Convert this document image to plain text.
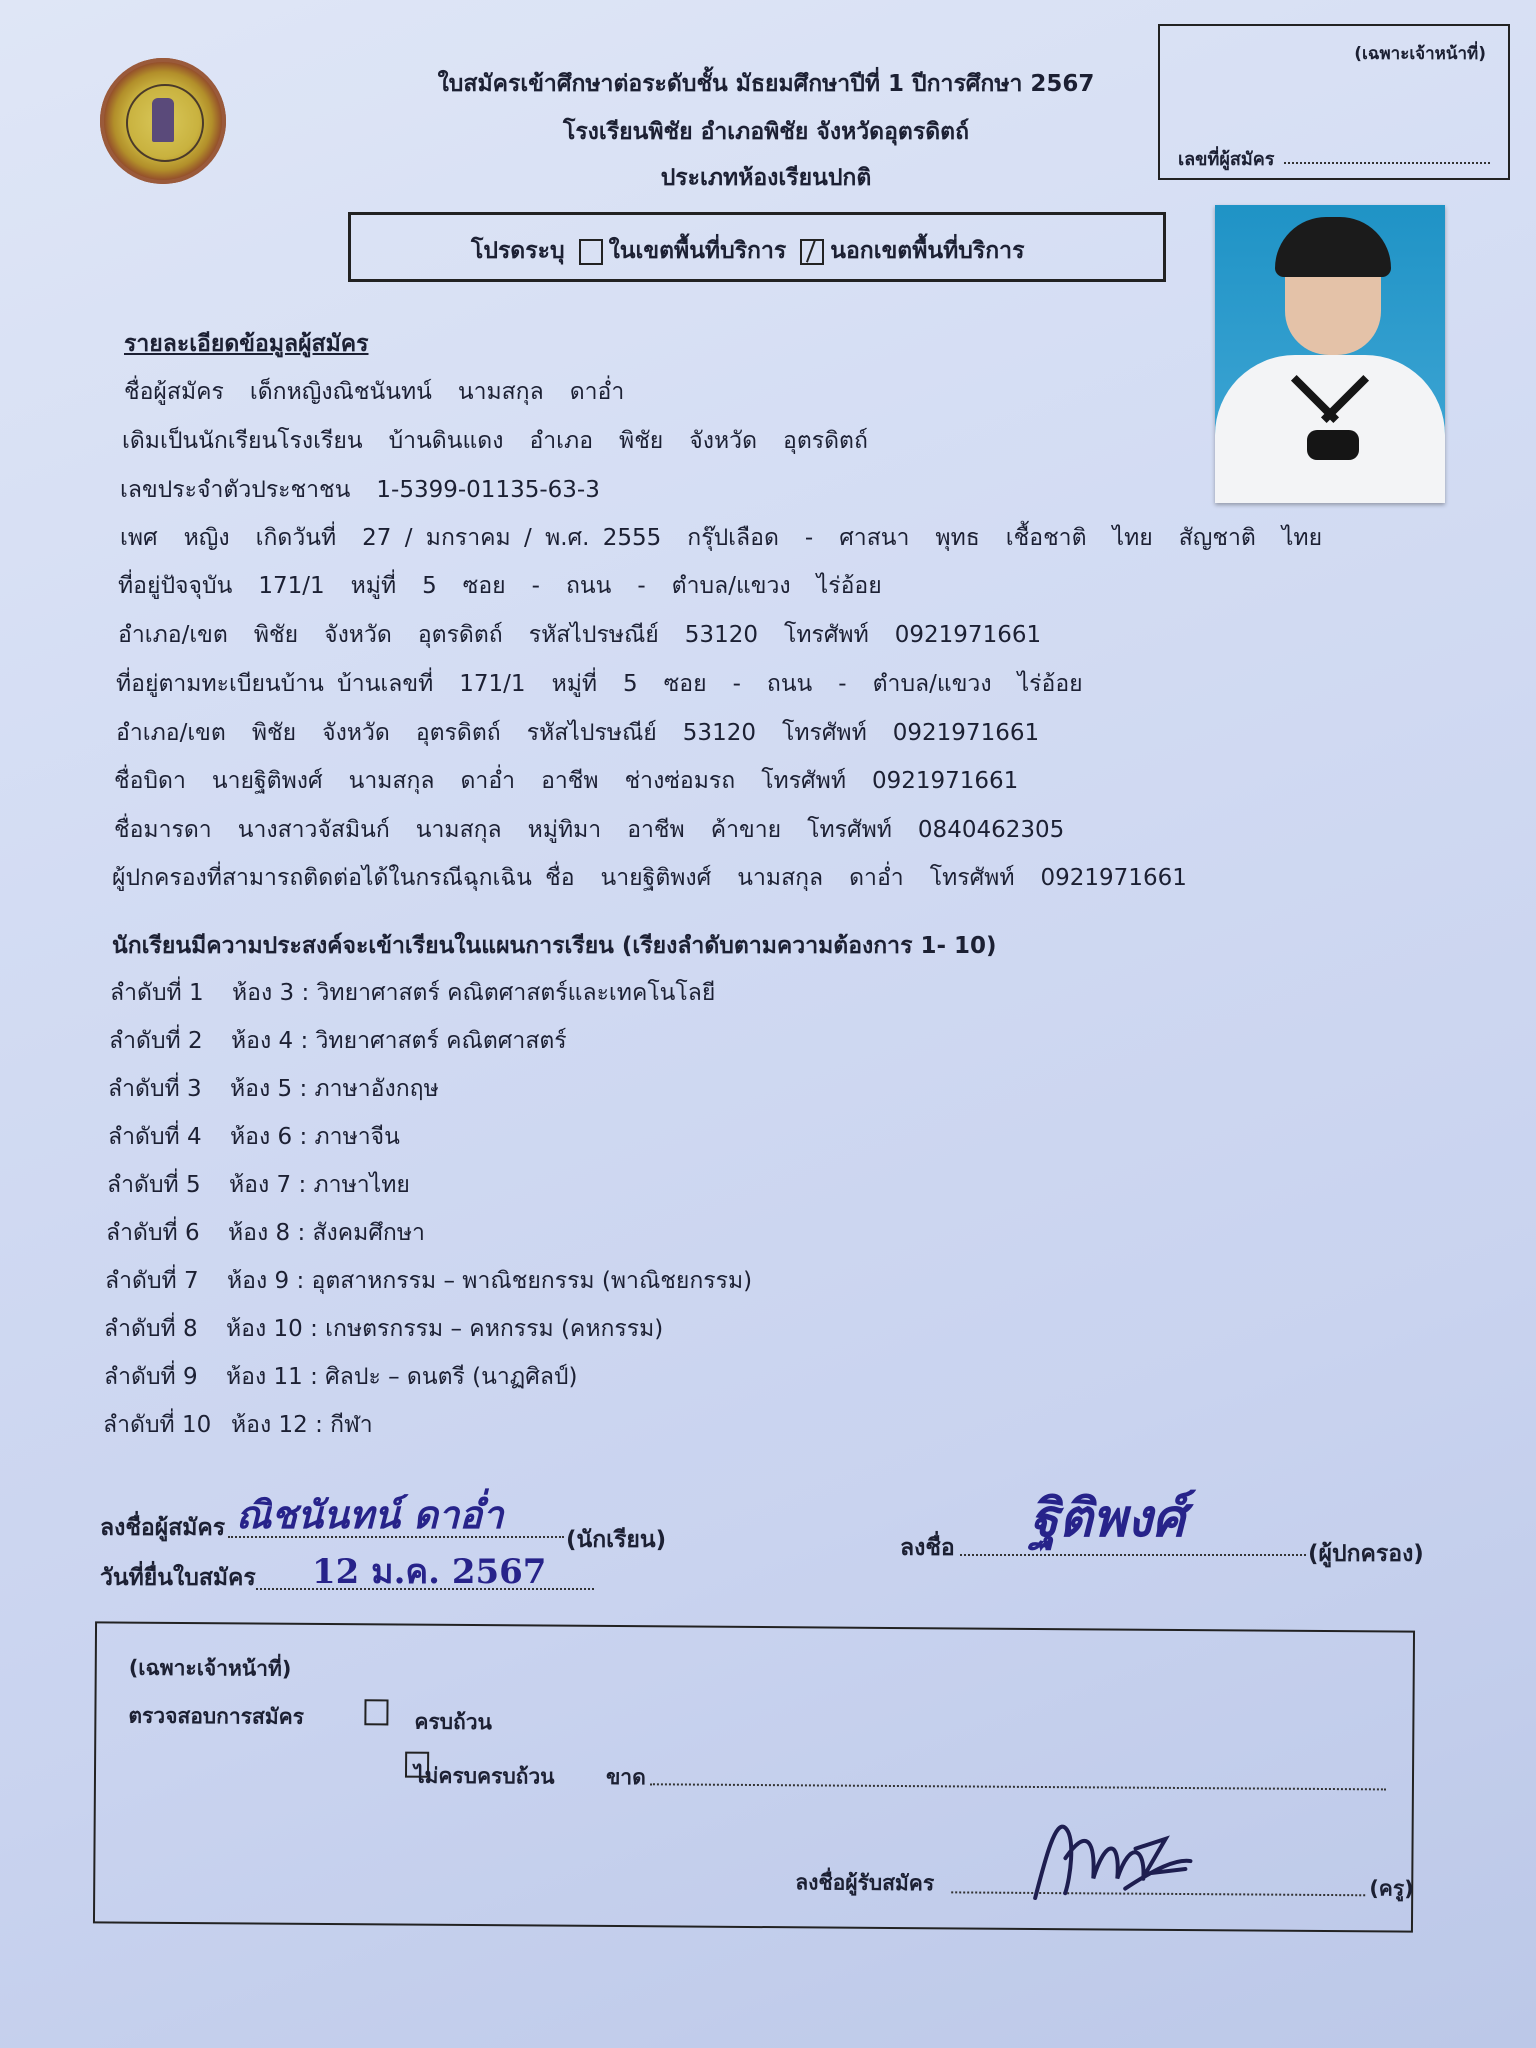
ใบสมัครเข้าศึกษาต่อระดับชั้น มัธยมศึกษาปีที่ 1 ปีการศึกษา 2567
โรงเรียนพิชัย อำเภอพิชัย จังหวัดอุตรดิตถ์
ประเภทห้องเรียนปกติ
(เฉพาะเจ้าหน้าที่)
เลขที่ผู้สมัคร
โปรดระบุ ในเขตพื้นที่บริการ นอกเขตพื้นที่บริการ
รายละเอียดข้อมูลผู้สมัคร
ชื่อผู้สมัคร เด็กหญิงณิชนันทน์ นามสกุล ดาอ่ำ
เดิมเป็นนักเรียนโรงเรียน บ้านดินแดง อำเภอ พิชัย จังหวัด อุตรดิตถ์
เลขประจำตัวประชาชน 1-5399-01135-63-3
เพศ หญิง เกิดวันที่ 27 / มกราคม / พ.ศ. 2555 กรุ๊ปเลือด - ศาสนา พุทธ เชื้อชาติ ไทย สัญชาติ ไทย
ที่อยู่ปัจจุบัน 171/1 หมู่ที่ 5 ซอย - ถนน - ตำบล/แขวง ไร่อ้อย
อำเภอ/เขต พิชัย จังหวัด อุตรดิตถ์ รหัสไปรษณีย์ 53120 โทรศัพท์ 0921971661
ที่อยู่ตามทะเบียนบ้าน บ้านเลขที่ 171/1 หมู่ที่ 5 ซอย - ถนน - ตำบล/แขวง ไร่อ้อย
อำเภอ/เขต พิชัย จังหวัด อุตรดิตถ์ รหัสไปรษณีย์ 53120 โทรศัพท์ 0921971661
ชื่อบิดา นายฐิติพงศ์ นามสกุล ดาอ่ำ อาชีพ ช่างซ่อมรถ โทรศัพท์ 0921971661
ชื่อมารดา นางสาวจัสมินก์ นามสกุล หมู่ทิมา อาชีพ ค้าขาย โทรศัพท์ 0840462305
ผู้ปกครองที่สามารถติดต่อได้ในกรณีฉุกเฉิน ชื่อ นายฐิติพงศ์ นามสกุล ดาอ่ำ โทรศัพท์ 0921971661
นักเรียนมีความประสงค์จะเข้าเรียนในแผนการเรียน (เรียงลำดับตามความต้องการ 1- 10)
ลำดับที่ 1 ห้อง 3 : วิทยาศาสตร์ คณิตศาสตร์และเทคโนโลยี
ลำดับที่ 2 ห้อง 4 : วิทยาศาสตร์ คณิตศาสตร์
ลำดับที่ 3 ห้อง 5 : ภาษาอังกฤษ
ลำดับที่ 4 ห้อง 6 : ภาษาจีน
ลำดับที่ 5 ห้อง 7 : ภาษาไทย
ลำดับที่ 6 ห้อง 8 : สังคมศึกษา
ลำดับที่ 7 ห้อง 9 : อุตสาหกรรม – พาณิชยกรรม (พาณิชยกรรม)
ลำดับที่ 8 ห้อง 10 : เกษตรกรรม – คหกรรม (คหกรรม)
ลำดับที่ 9 ห้อง 11 : ศิลปะ – ดนตรี (นาฏศิลป์)
ลำดับที่ 10 ห้อง 12 : กีฬา
ลงชื่อผู้สมัคร ณิชนันทน์ ดาอ่ำ
(นักเรียน)
วันที่ยื่นใบสมัคร 12 ม.ค. 2567
ลงชื่อ ฐิติพงศ์
(ผู้ปกครอง)
(เฉพาะเจ้าหน้าที่)
ตรวจสอบการสมัคร
	ครบถ้วน
ไม่ครบครบถ้วน ขาด
ลงชื่อผู้รับสมัคร	(ครู)
